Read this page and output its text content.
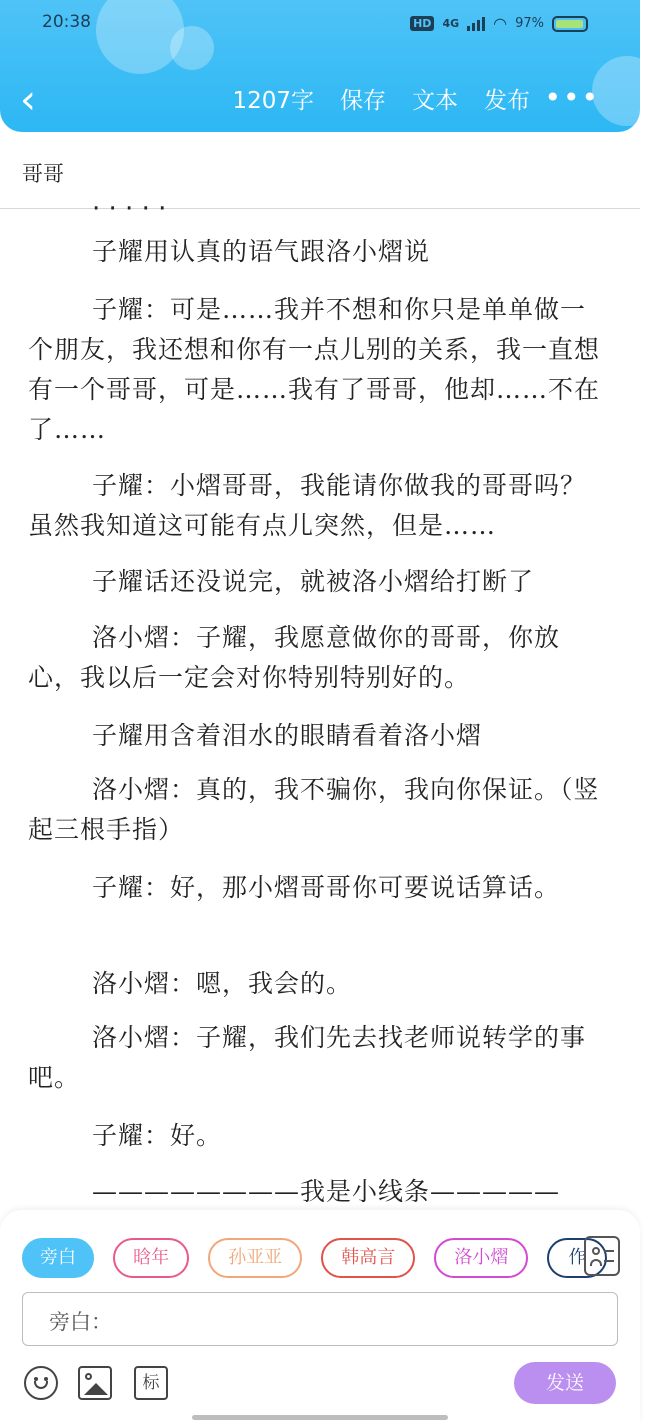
20:38	HD 4G ◠ 97%
‹	1207字 保存 文本 发布 •••
哥哥
· · · · ·

子耀用认真的语气跟洛小熠说

子耀：可是……我并不想和你只是单单做一个朋友，我还想和你有一点儿别的关系，我一直想有一个哥哥，可是……我有了哥哥，他却……不在了……

子耀：小熠哥哥，我能请你做我的哥哥吗？虽然我知道这可能有点儿突然，但是……

子耀话还没说完，就被洛小熠给打断了

洛小熠：子耀，我愿意做你的哥哥，你放心，我以后一定会对你特别特别好的。

子耀用含着泪水的眼睛看着洛小熠

洛小熠：真的，我不骗你，我向你保证。（竖起三根手指）

子耀：好，那小熠哥哥你可要说话算话。

洛小熠：嗯，我会的。

洛小熠：子耀，我们先去找老师说转学的事吧。

子耀：好。

————————我是小线条—————

旁白	晗年	孙亚亚	韩高言	洛小熠	作
旁白：
标	发送
